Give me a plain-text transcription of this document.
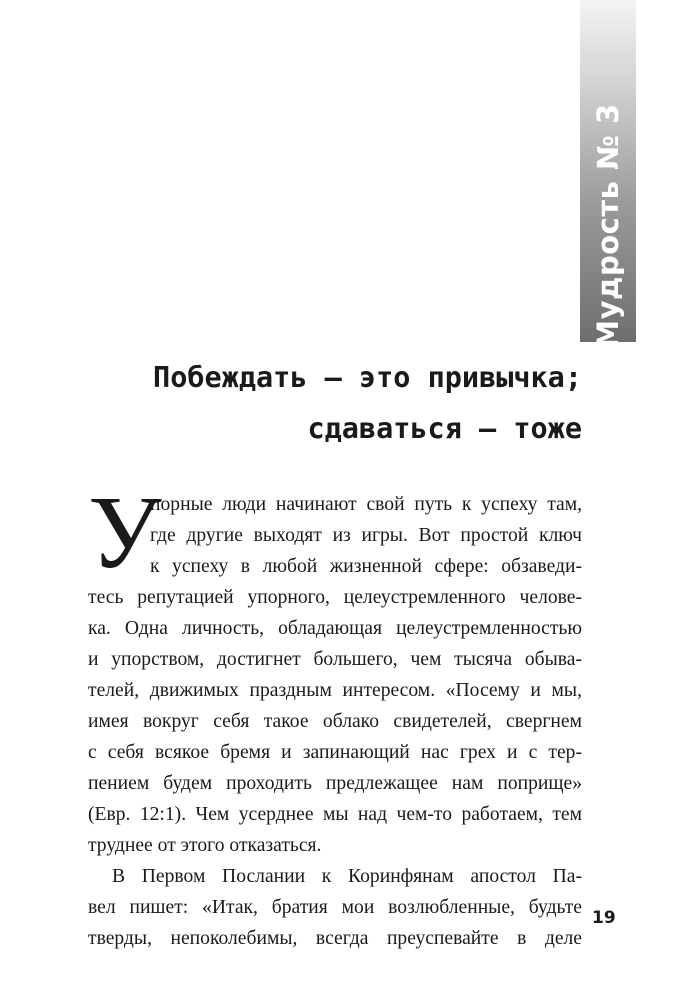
Мудрость № 3
Побеждать — это привычка;
сдаваться — тоже
У
порные люди начинают свой путь к успеху там,
где другие выходят из игры. Вот простой ключ
к успеху в любой жизненной сфере: обзаведи-
тесь репутацией упорного, целеустремленного челове-
ка. Одна личность, обладающая целеустремленностью
и упорством, достигнет большего, чем тысяча обыва-
телей, движимых праздным интересом. «Посему и мы,
имея вокруг себя такое облако свидетелей, свергнем
с себя всякое бремя и запинающий нас грех и с тер-
пением будем проходить предлежащее нам поприще»
(Евр. 12:1). Чем усерднее мы над чем-то работаем, тем
труднее от этого отказаться.
В Первом Послании к Коринфянам апостол Па-
вел пишет: «Итак, братия мои возлюбленные, будьте
тверды, непоколебимы, всегда преуспевайте в деле
19
